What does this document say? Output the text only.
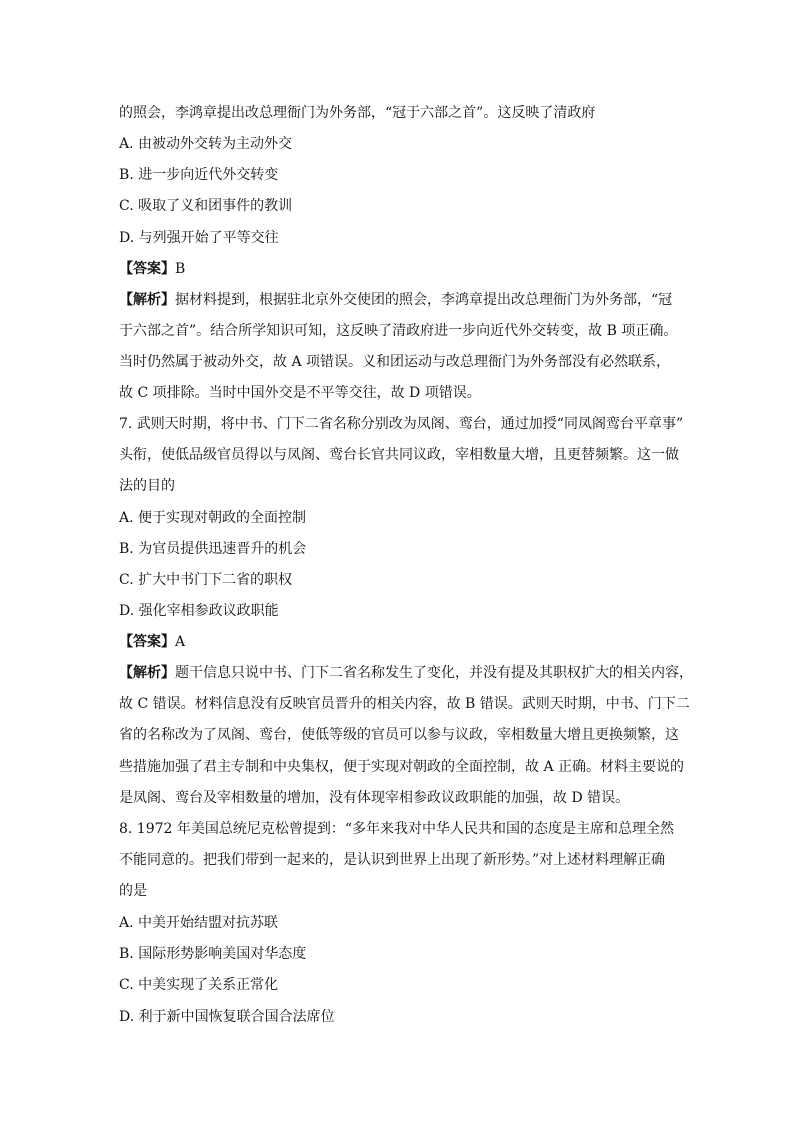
的照会，李鸿章提出改总理衙门为外务部，“冠于六部之首”。这反映了清政府
A. 由被动外交转为主动外交
B. 进一步向近代外交转变
C. 吸取了义和团事件的教训
D. 与列强开始了平等交往
【答案】B
【解析】据材料提到，根据驻北京外交使团的照会，李鸿章提出改总理衙门为外务部，“冠
于六部之首”。结合所学知识可知，这反映了清政府进一步向近代外交转变，故 B 项正确。
当时仍然属于被动外交，故 A 项错误。义和团运动与改总理衙门为外务部没有必然联系，
故 C 项排除。当时中国外交是不平等交往，故 D 项错误。
7. 武则天时期，将中书、门下二省名称分别改为凤阁、鸾台，通过加授“同凤阁鸾台平章事”
头衔，使低品级官员得以与凤阁、鸾台长官共同议政，宰相数量大增，且更替频繁。这一做
法的目的
A. 便于实现对朝政的全面控制
B. 为官员提供迅速晋升的机会
C. 扩大中书门下二省的职权
D. 强化宰相参政议政职能
【答案】A
【解析】题干信息只说中书、门下二省名称发生了变化，并没有提及其职权扩大的相关内容，
故 C 错误。材料信息没有反映官员晋升的相关内容，故 B 错误。武则天时期，中书、门下二
省的名称改为了凤阁、鸾台，使低等级的官员可以参与议政，宰相数量大增且更换频繁，这
些措施加强了君主专制和中央集权，便于实现对朝政的全面控制，故 A 正确。材料主要说的
是凤阁、鸾台及宰相数量的增加，没有体现宰相参政议政职能的加强，故 D 错误。
8. 1972 年美国总统尼克松曾提到：“多年来我对中华人民共和国的态度是主席和总理全然
不能同意的。把我们带到一起来的，是认识到世界上出现了新形势。”对上述材料理解正确
的是
A. 中美开始结盟对抗苏联
B. 国际形势影响美国对华态度
C. 中美实现了关系正常化
D. 利于新中国恢复联合国合法席位
